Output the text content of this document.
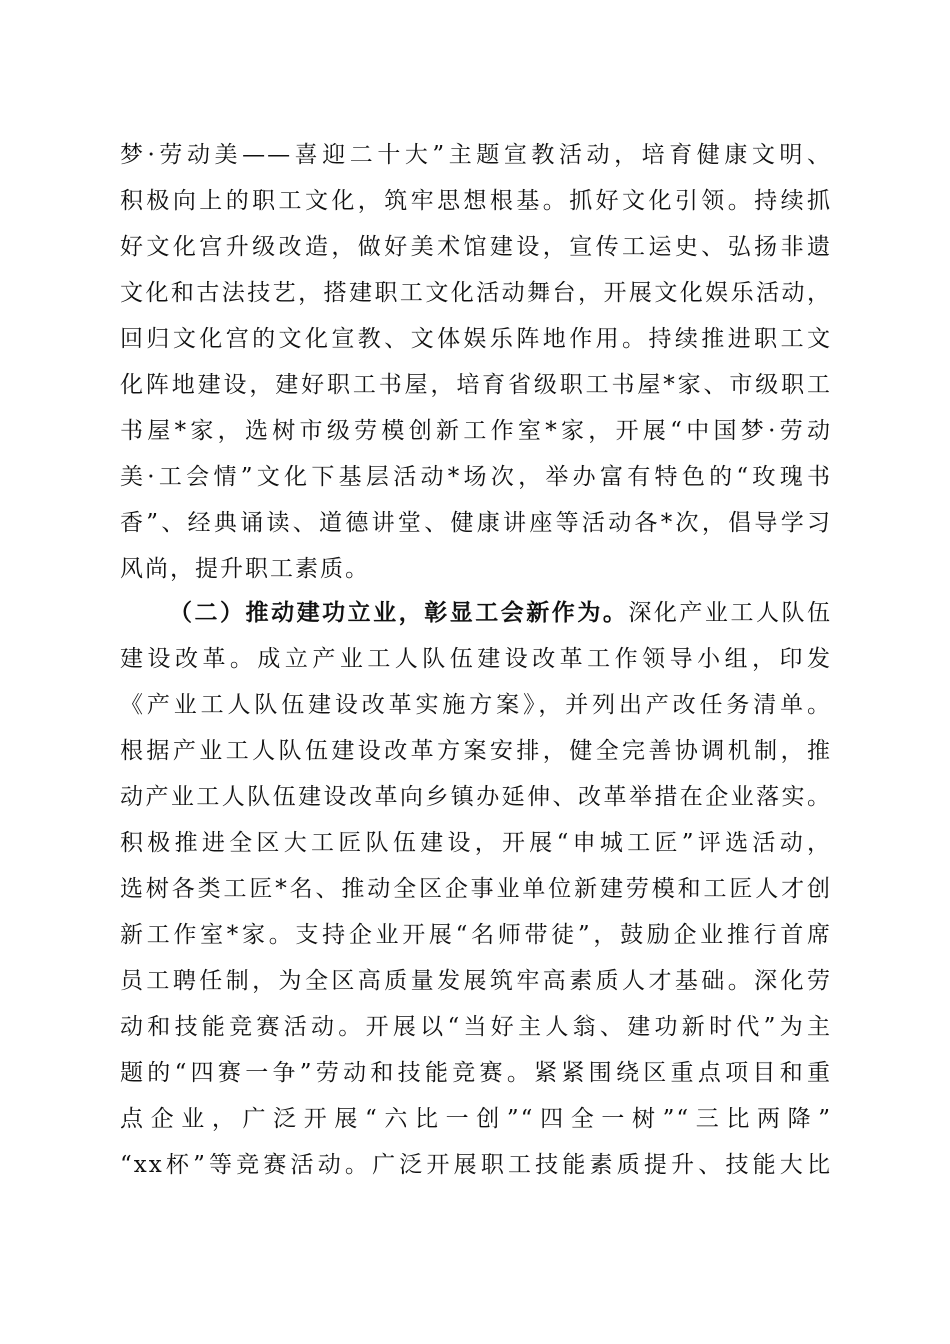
梦·劳动美——喜迎二十大”主题宣教活动，培育健康文明、
积极向上的职工文化，筑牢思想根基。抓好文化引领。持续抓
好文化宫升级改造，做好美术馆建设，宣传工运史、弘扬非遗
文化和古法技艺，搭建职工文化活动舞台，开展文化娱乐活动，
回归文化宫的文化宣教、文体娱乐阵地作用。持续推进职工文
化阵地建设，建好职工书屋，培育省级职工书屋*家、市级职工
书屋*家，选树市级劳模创新工作室*家，开展“中国梦·劳动
美·工会情”文化下基层活动*场次，举办富有特色的“玫瑰书
香”、经典诵读、道德讲堂、健康讲座等活动各*次，倡导学习
风尚，提升职工素质。
（二）推动建功立业，彰显工会新作为。深化产业工人队伍
建设改革。成立产业工人队伍建设改革工作领导小组，印发
《产业工人队伍建设改革实施方案》，并列出产改任务清单。
根据产业工人队伍建设改革方案安排，健全完善协调机制，推
动产业工人队伍建设改革向乡镇办延伸、改革举措在企业落实。
积极推进全区大工匠队伍建设，开展“申城工匠”评选活动，
选树各类工匠*名、推动全区企事业单位新建劳模和工匠人才创
新工作室*家。支持企业开展“名师带徒”，鼓励企业推行首席
员工聘任制，为全区高质量发展筑牢高素质人才基础。深化劳
动和技能竞赛活动。开展以“当好主人翁、建功新时代”为主
题的“四赛一争”劳动和技能竞赛。紧紧围绕区重点项目和重
点企业，广泛开展“六比一创”“四全一树”“三比两降”
“xx杯”等竞赛活动。广泛开展职工技能素质提升、技能大比
